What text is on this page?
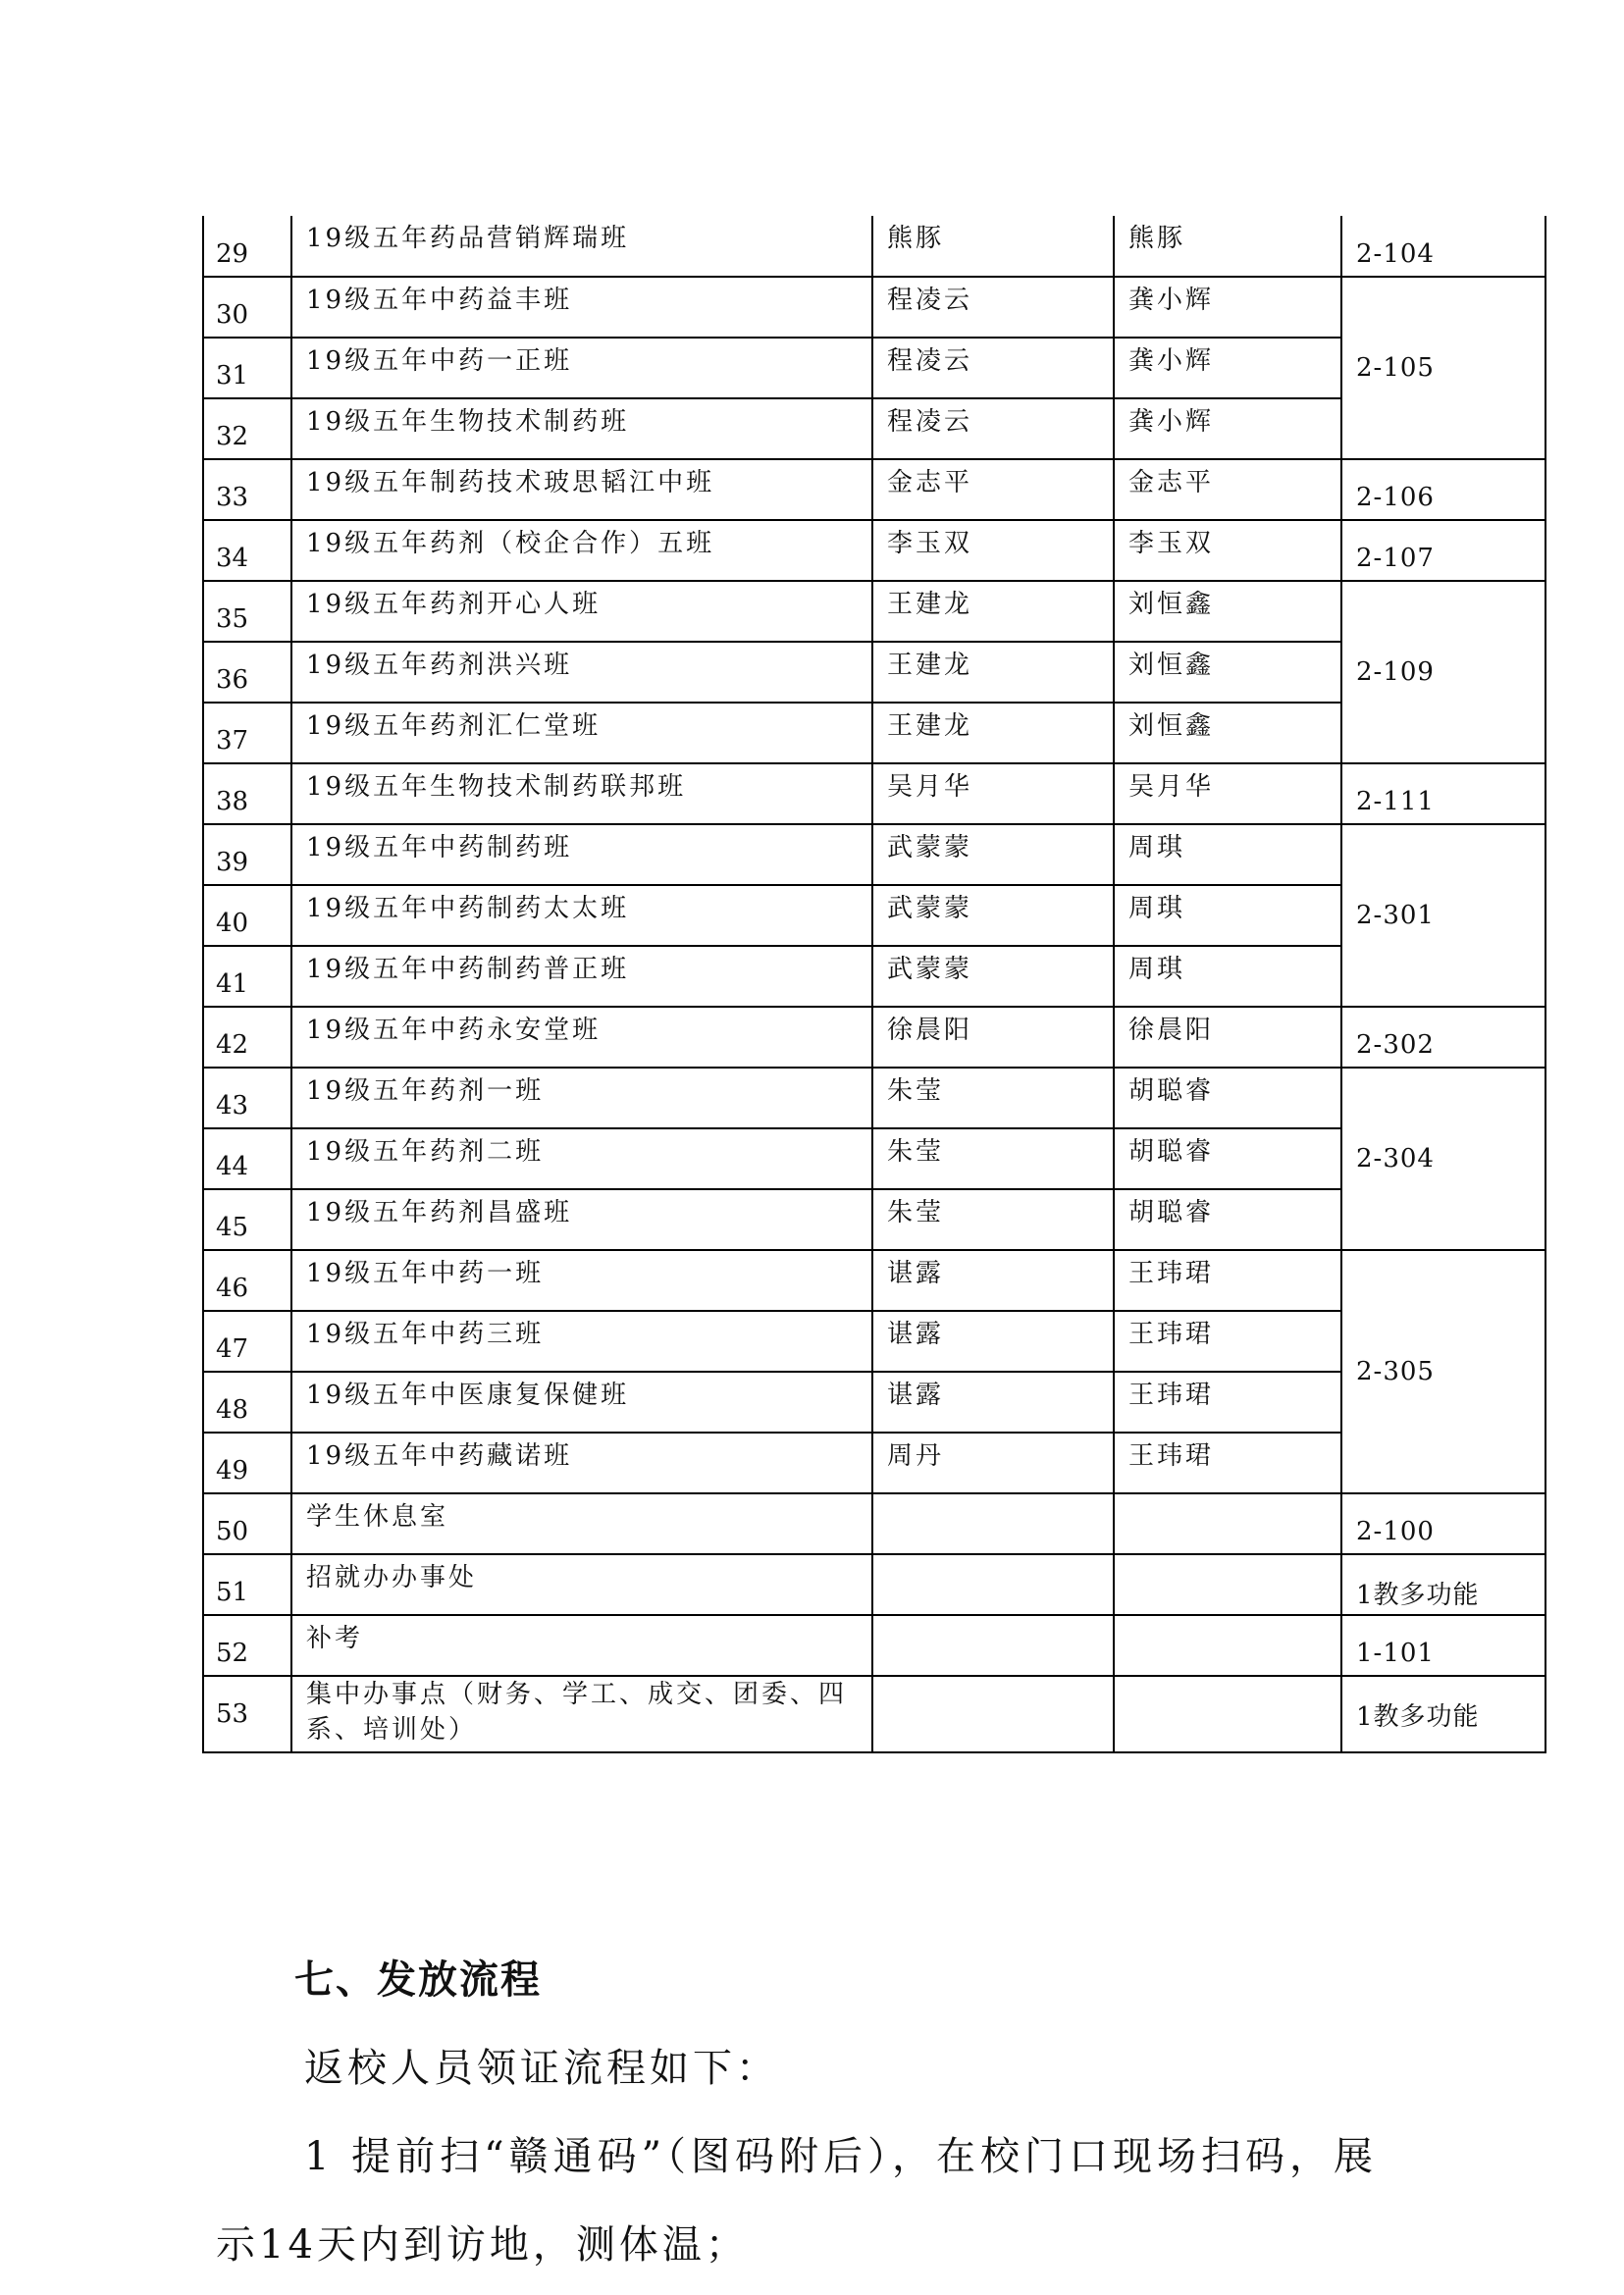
29	19级五年药品营销辉瑞班	熊豚	熊豚	2-104
30	19级五年中药益丰班	程凌云	龚小辉	2-105
31	19级五年中药一正班	程凌云	龚小辉	
32	19级五年生物技术制药班	程凌云	龚小辉	
33	19级五年制药技术玻思韬江中班	金志平	金志平	2-106
34	19级五年药剂（校企合作）五班	李玉双	李玉双	2-107
35	19级五年药剂开心人班	王建龙	刘恒鑫	2-109
36	19级五年药剂洪兴班	王建龙	刘恒鑫	
37	19级五年药剂汇仁堂班	王建龙	刘恒鑫	
38	19级五年生物技术制药联邦班	吴月华	吴月华	2-111
39	19级五年中药制药班	武蒙蒙	周琪	2-301
40	19级五年中药制药太太班	武蒙蒙	周琪	
41	19级五年中药制药普正班	武蒙蒙	周琪	
42	19级五年中药永安堂班	徐晨阳	徐晨阳	2-302
43	19级五年药剂一班	朱莹	胡聪睿	2-304
44	19级五年药剂二班	朱莹	胡聪睿	
45	19级五年药剂昌盛班	朱莹	胡聪睿	
46	19级五年中药一班	谌露	王玮珺	2-305
47	19级五年中药三班	谌露	王玮珺	
48	19级五年中医康复保健班	谌露	王玮珺	
49	19级五年中药藏诺班	周丹	王玮珺	
50	学生休息室			2-100
51	招就办办事处			1教多功能
52	补考			1-101
53	集中办事点（财务、学工、成交、团委、四系、培训处）			1教多功能
七、发放流程
返校人员领证流程如下：
1 提前扫“赣通码”（图码附后），在校门口现场扫码，展
示14天内到访地，测体温；
